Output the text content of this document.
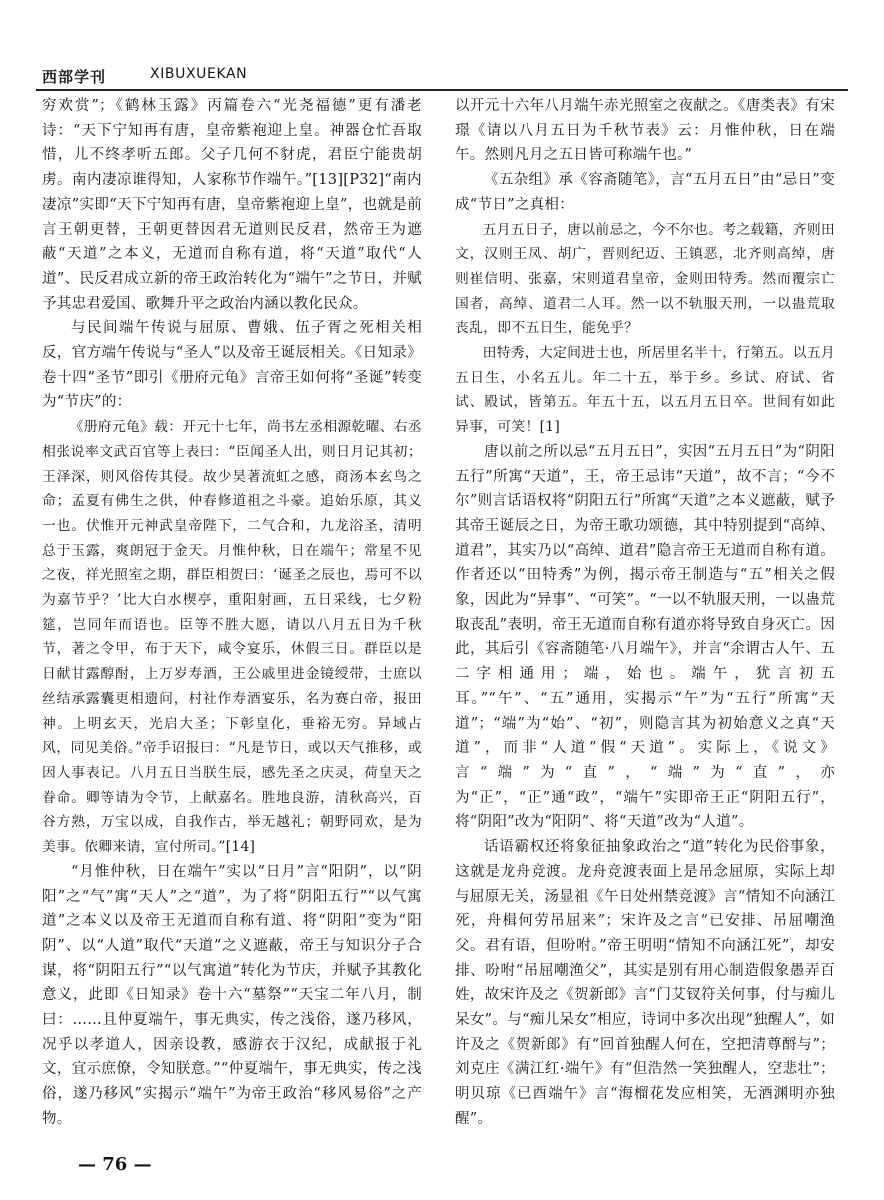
西部学刊	XIBUXUEKAN

穷欢赏”；《鹤林玉露》丙篇卷六“光尧福德”更有潘老诗：“天下宁知再有唐，皇帝紫袍迎上皇。神器仓忙吾取惜，儿不终孝听五郎。父子几何不豺虎，君臣宁能贵胡虏。南内凄凉谁得知，人家称节作端午。”[13][P32]“南内凄凉”实即“天下宁知再有唐，皇帝紫袍迎上皇”，也就是前言王朝更替，王朝更替因君无道则民反君，然帝王为遮蔽“天道”之本义，无道而自称有道，将“天道”取代“人道”、民反君成立新的帝王政治转化为“端午”之节日，并赋予其忠君爱国、歌舞升平之政治内涵以教化民众。

与民间端午传说与屈原、曹娥、伍子胥之死相关相反，官方端午传说与“圣人”以及帝王诞辰相关。《日知录》卷十四“圣节”即引《册府元龟》言帝王如何将“圣诞”转变为“节庆”的：

《册府元龟》载：开元十七年，尚书左丞相源乾曜、右丞相张说率文武百官等上表曰：“臣闻圣人出，则日月记其初；王泽深，则风俗传其侵。故少昊著流虹之感，商汤本玄鸟之命；孟夏有佛生之供，仲春修道祖之斗豪。追始乐原，其义一也。伏惟开元神武皇帝陛下，二气合和，九龙浴圣，清明总于玉露，爽朗冠于金天。月惟仲秋，日在端午；常星不见之夜，祥光照室之期，群臣相贺曰：‘诞圣之辰也，焉可不以为嘉节乎？’比大白水楔亭，重阳射画，五日采线，七夕粉筵，岂同年而语也。臣等不胜大愿，请以八月五日为千秋节，著之令甲，布于天下，咸令宴乐，休假三日。群臣以是日献甘露醇酎，上万岁寿酒，王公戚里进金镜绶带，士庶以丝结承露囊更相遗问，村社作寿酒宴乐，名为赛白帝，报田神。上明玄天，光启大圣；下彰皇化，垂裕无穷。异域占风，同见美俗。”帝手诏报曰：“凡是节日，或以天气推移，或因人事表记。八月五日当朕生辰，感先圣之庆灵，荷皇天之眷命。卿等请为令节，上献嘉名。胜地良游，清秋高兴，百谷方熟，万宝以成，自我作古，举无越礼；朝野同欢，是为美事。依卿来请，宣付所司。”[14]

“月惟仲秋，日在端午”实以“日月”言“阳阴”，以“阴阳”之“气”寓“天人”之“道”，为了将“阴阳五行”“以气寓道”之本义以及帝王无道而自称有道、将“阴阳”变为“阳阴”、以“人道”取代“天道”之义遮蔽，帝王与知识分子合谋，将“阴阳五行”“以气寓道”转化为节庆，并赋予其教化意义，此即《日知录》卷十六“墓祭”“天宝二年八月，制曰：……且仲夏端午，事无典实，传之浅俗，遂乃移风，况乎以孝道人，因亲设教，感游衣于汉纪，成献报于礼文，宜示庶僚，令知朕意。”“仲夏端午，事无典实，传之浅俗，遂乃移风”实揭示“端午”为帝王政治“移风易俗”之产物。

以开元十六年八月端午赤光照室之夜献之。《唐类表》有宋璟《请以八月五日为千秋节表》云：月惟仲秋，日在端午。然则凡月之五日皆可称端午也。”

《五杂组》承《容斋随笔》，言“五月五日”由“忌日”变成“节日”之真相：

五月五日子，唐以前忌之，今不尔也。考之载籍，齐则田文，汉则王凤、胡广，晋则纪迈、王镇恶，北齐则高绰，唐则崔信明、张嘉，宋则道君皇帝，金则田特秀。然而覆宗亡国者，高绰、道君二人耳。然一以不轨服天刑，一以蛊荒取丧乱，即不五日生，能免乎？

田特秀，大定间进士也，所居里名半十，行第五。以五月五日生，小名五儿。年二十五，举于乡。乡试、府试、省试、殿试，皆第五。年五十五，以五月五日卒。世间有如此异事，可笑！[1]

唐以前之所以忌“五月五日”，实因“五月五日”为“阴阳五行”所寓“天道”，王，帝王忌讳“天道”，故不言；“今不尔”则言话语权将“阴阳五行”所寓“天道”之本义遮蔽，赋予其帝王诞辰之日，为帝王歌功颂德，其中特别提到“高绰、道君”，其实乃以“高绰、道君”隐言帝王无道而自称有道。作者还以“田特秀”为例，揭示帝王制造与“五”相关之假象，因此为“异事”、“可笑”。“一以不轨服天刑，一以蛊荒取丧乱”表明，帝王无道而自称有道亦将导致自身灭亡。因此，其后引《容斋随笔·八月端午》，并言“余谓古人午、五二字相通用；端，始也。端午，犹言初五耳。”“午”、“五”通用，实揭示“午”为“五行”所寓“天道”；“端”为“始”、“初”，则隐言其为初始意义之真“天道”，而非“人道”假“天道”。实际上，《说文》言“端”为“直”，“端”为“直”，亦为“正”，“正”通“政”，“端午”实即帝王正“阴阳五行”，将“阴阳”改为“阳阴”、将“天道”改为“人道”。

话语霸权还将象征抽象政治之“道”转化为民俗事象，这就是龙舟竞渡。龙舟竞渡表面上是吊念屈原，实际上却与屈原无关，汤显祖《午日处州禁竞渡》言“情知不向涵江死，舟楫何劳吊屈来”；宋许及之言“已安排、吊屈嘲渔父。君有语，但吩咐。”帝王明明“情知不向涵江死”，却安排、吩咐“吊屈嘲渔父”，其实是别有用心制造假象愚弄百姓，故宋许及之《贺新郎》言“门艾钗符关何事，付与痴儿呆女”。与“痴儿呆女”相应，诗词中多次出现“独醒人”，如许及之《贺新郎》有“回首独醒人何在，空把清尊酹与”；刘克庄《满江红·端午》有“但浩然一笑独醒人，空悲壮”；明贝琼《已酉端午》言“海榴花发应相笑，无酒渊明亦独醒”。

— 76 —
